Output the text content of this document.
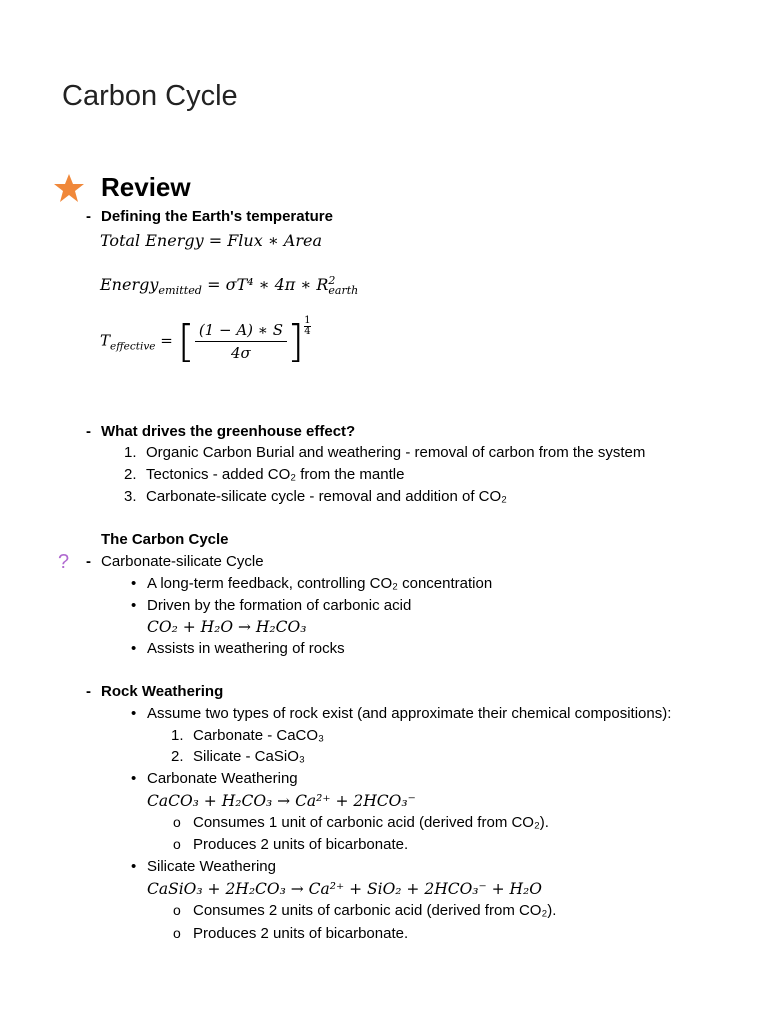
Carbon Cycle
Review
- Defining the Earth's temperature
Total Energy = Flux ∗ Area
Energy$_{emitted}$ = σT⁴ ∗ 4π ∗ R 2
earth
$T_{effective}$ = [ $\frac{(1 - A) ∗ S}{4\sigma}$ ] $\frac{1}{4}$
- What drives the greenhouse effect?
1. Organic Carbon Burial and weathering - removal of carbon from the system
2. Tectonics - added CO₂ from the mantle
3. Carbonate-silicate cycle - removal and addition of CO₂
The Carbon Cycle
? - Carbonate-silicate Cycle
• A long-term feedback, controlling CO₂ concentration
• Driven by the formation of carbonic acid
CO₂ + H₂O → H₂CO₃
• Assists in weathering of rocks
- Rock Weathering
• Assume two types of rock exist (and approximate their chemical compositions):
1. Carbonate - CaCO₃
2. Silicate - CaSiO₃
• Carbonate Weathering
CaCO₃ + H₂CO₃ → Ca²⁺ + 2HCO₃⁻
o Consumes 1 unit of carbonic acid (derived from CO₂).
o Produces 2 units of bicarbonate.
• Silicate Weathering
CaSiO₃ + 2H₂CO₃ → Ca²⁺ + SiO₂ + 2HCO₃⁻ + H₂O
o Consumes 2 units of carbonic acid (derived from CO₂).
o Produces 2 units of bicarbonate.
